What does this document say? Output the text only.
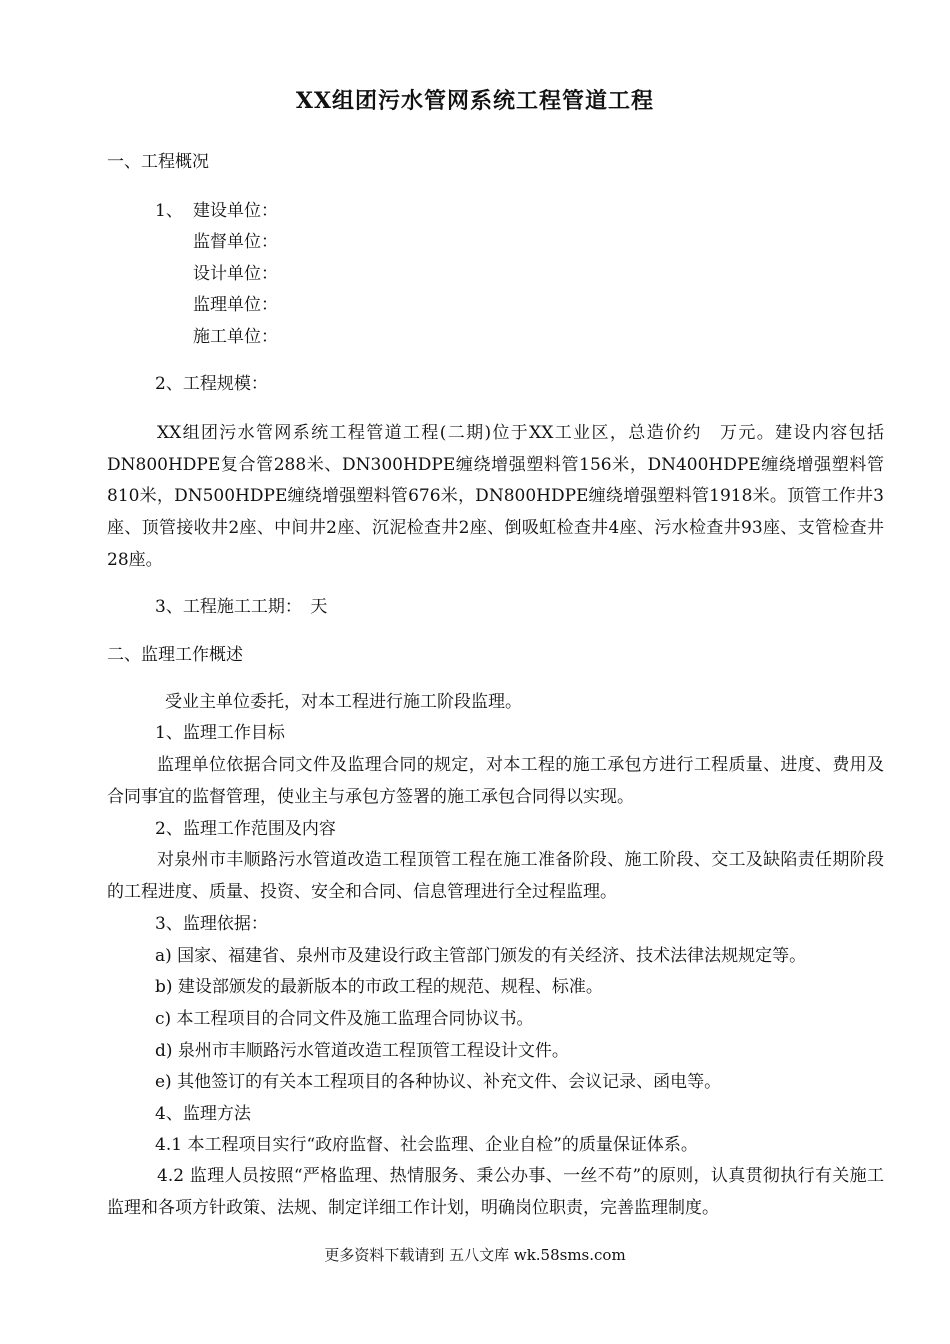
XX组团污水管网系统工程管道工程
一、工程概况
1、 建设单位：
监督单位：
设计单位：
监理单位：
施工单位：
2、工程规模：
XX组团污水管网系统工程管道工程(二期)位于XX工业区，总造价约　万元。建设内容包括DN800HDPE复合管288米、DN300HDPE缠绕增强塑料管156米，DN400HDPE缠绕增强塑料管810米，DN500HDPE缠绕增强塑料管676米，DN800HDPE缠绕增强塑料管1918米。顶管工作井3座、顶管接收井2座、中间井2座、沉泥检查井2座、倒吸虹检查井4座、污水检查井93座、支管检查井28座。
3、工程施工工期：　天
二、监理工作概述
受业主单位委托，对本工程进行施工阶段监理。
1、监理工作目标
监理单位依据合同文件及监理合同的规定，对本工程的施工承包方进行工程质量、进度、费用及合同事宜的监督管理，使业主与承包方签署的施工承包合同得以实现。
2、监理工作范围及内容
对泉州市丰顺路污水管道改造工程顶管工程在施工准备阶段、施工阶段、交工及缺陷责任期阶段的工程进度、质量、投资、安全和合同、信息管理进行全过程监理。
3、监理依据：
a) 国家、福建省、泉州市及建设行政主管部门颁发的有关经济、技术法律法规规定等。
b) 建设部颁发的最新版本的市政工程的规范、规程、标准。
c) 本工程项目的合同文件及施工监理合同协议书。
d) 泉州市丰顺路污水管道改造工程顶管工程设计文件。
e) 其他签订的有关本工程项目的各种协议、补充文件、会议记录、函电等。
4、监理方法
4.1 本工程项目实行“政府监督、社会监理、企业自检”的质量保证体系。
4.2 监理人员按照“严格监理、热情服务、秉公办事、一丝不苟”的原则，认真贯彻执行有关施工监理和各项方针政策、法规、制定详细工作计划，明确岗位职责，完善监理制度。
更多资料下载请到 五八文库 wk.58sms.com
